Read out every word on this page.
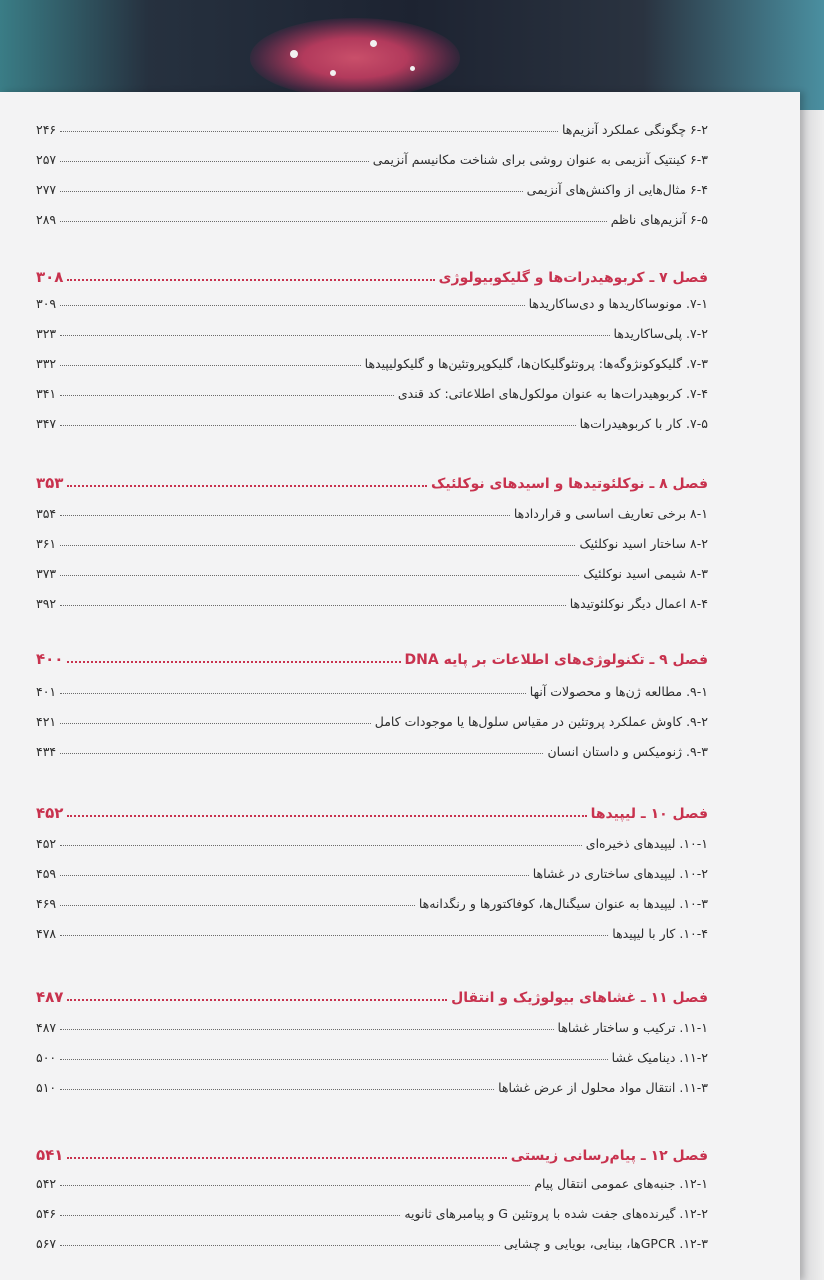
۶-۲ چگونگی عملکرد آنزیم‌ها
۲۴۶
۶-۳ کینتیک آنزیمی به عنوان روشی برای شناخت مکانیسم آنزیمی
۲۵۷
۶-۴ مثال‌هایی از واکنش‌های آنزیمی
۲۷۷
۶-۵ آنزیم‌های ناظم
۲۸۹
فصل ۷ ـ کربوهیدرات‌ها و گلیکوبیولوژی
۳۰۸
۷-۱. مونوساکاریدها و دی‌ساکاریدها
۳۰۹
۷-۲. پلی‌ساکاریدها
۳۲۳
۷-۳. گلیکوکونژوگه‌ها: پروتئوگلیکان‌ها، گلیکوپروتئین‌ها و گلیکولیپیدها
۳۳۲
۷-۴. کربوهیدرات‌ها به عنوان مولکول‌های اطلاعاتی: کد قندی
۳۴۱
۷-۵. کار با کربوهیدرات‌ها
۳۴۷
فصل ۸ ـ نوکلئوتیدها و اسیدهای نوکلئیک
۳۵۳
۸-۱ برخی تعاریف اساسی و قراردادها
۳۵۴
۸-۲ ساختار اسید نوکلئیک
۳۶۱
۸-۳ شیمی اسید نوکلئیک
۳۷۳
۸-۴ اعمال دیگر نوکلئوتیدها
۳۹۲
فصل ۹ ـ تکنولوژی‌های اطلاعات بر پایه DNA
۴۰۰
۹-۱. مطالعه ژن‌ها و محصولات آنها
۴۰۱
۹-۲. کاوش عملکرد پروتئین در مقیاس سلول‌ها یا موجودات کامل
۴۲۱
۹-۳. ژنومیکس و داستان انسان
۴۳۴
فصل ۱۰ ـ لیپیدها
۴۵۲
۱۰-۱. لیپیدهای ذخیره‌ای
۴۵۲
۱۰-۲. لیپیدهای ساختاری در غشاها
۴۵۹
۱۰-۳. لیپیدها به عنوان سیگنال‌ها، کوفاکتورها و رنگدانه‌ها
۴۶۹
۱۰-۴. کار با لیپیدها
۴۷۸
فصل ۱۱ ـ غشاهای بیولوژیک و انتقال
۴۸۷
۱۱-۱. ترکیب و ساختار غشاها
۴۸۷
۱۱-۲. دینامیک غشا
۵۰۰
۱۱-۳. انتقال مواد محلول از عرض غشاها
۵۱۰
فصل ۱۲ ـ پیام‌رسانی زیستی
۵۴۱
۱۲-۱. جنبه‌های عمومی انتقال پیام
۵۴۲
۱۲-۲. گیرنده‌های جفت شده با پروتئین G و پیامبرهای ثانویه
۵۴۶
۱۲-۳. GPCRها، بینایی، بویایی و چشایی
۵۶۷
